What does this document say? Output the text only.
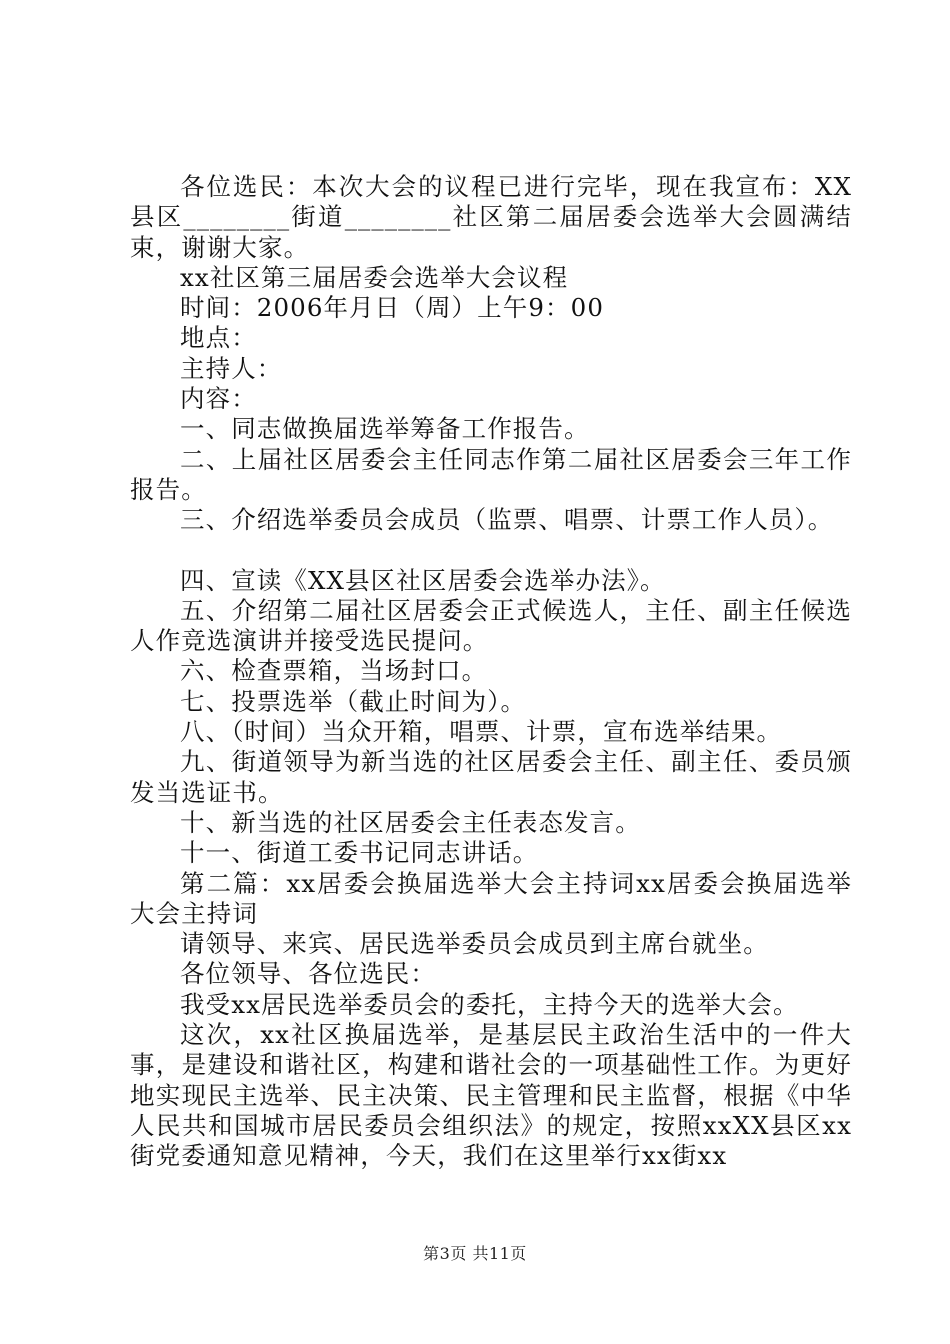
各位选民：本次大会的议程已进行完毕，现在我宣布：XX县区________街道________社区第二届居委会选举大会圆满结束，谢谢大家。

xx社区第三届居委会选举大会议程

时间：2006年月日（周）上午9：00

地点：

主持人：

内容：

一、同志做换届选举筹备工作报告。

二、上届社区居委会主任同志作第二届社区居委会三年工作报告。

三、介绍选举委员会成员（监票、唱票、计票工作人员）。

四、宣读《XX县区社区居委会选举办法》。

五、介绍第二届社区居委会正式候选人，主任、副主任候选人作竞选演讲并接受选民提问。

六、检查票箱，当场封口。

七、投票选举（截止时间为）。

八、（时间）当众开箱，唱票、计票，宣布选举结果。

九、街道领导为新当选的社区居委会主任、副主任、委员颁发当选证书。

十、新当选的社区居委会主任表态发言。

十一、街道工委书记同志讲话。

第二篇：xx居委会换届选举大会主持词xx居委会换届选举大会主持词

请领导、来宾、居民选举委员会成员到主席台就坐。

各位领导、各位选民：

我受xx居民选举委员会的委托，主持今天的选举大会。

这次，xx社区换届选举，是基层民主政治生活中的一件大事，是建设和谐社区，构建和谐社会的一项基础性工作。为更好地实现民主选举、民主决策、民主管理和民主监督，根据《中华人民共和国城市居民委员会组织法》的规定，按照xxXX县区xx街党委通知意见精神，今天，我们在这里举行xx街xx

第3页 共11页
